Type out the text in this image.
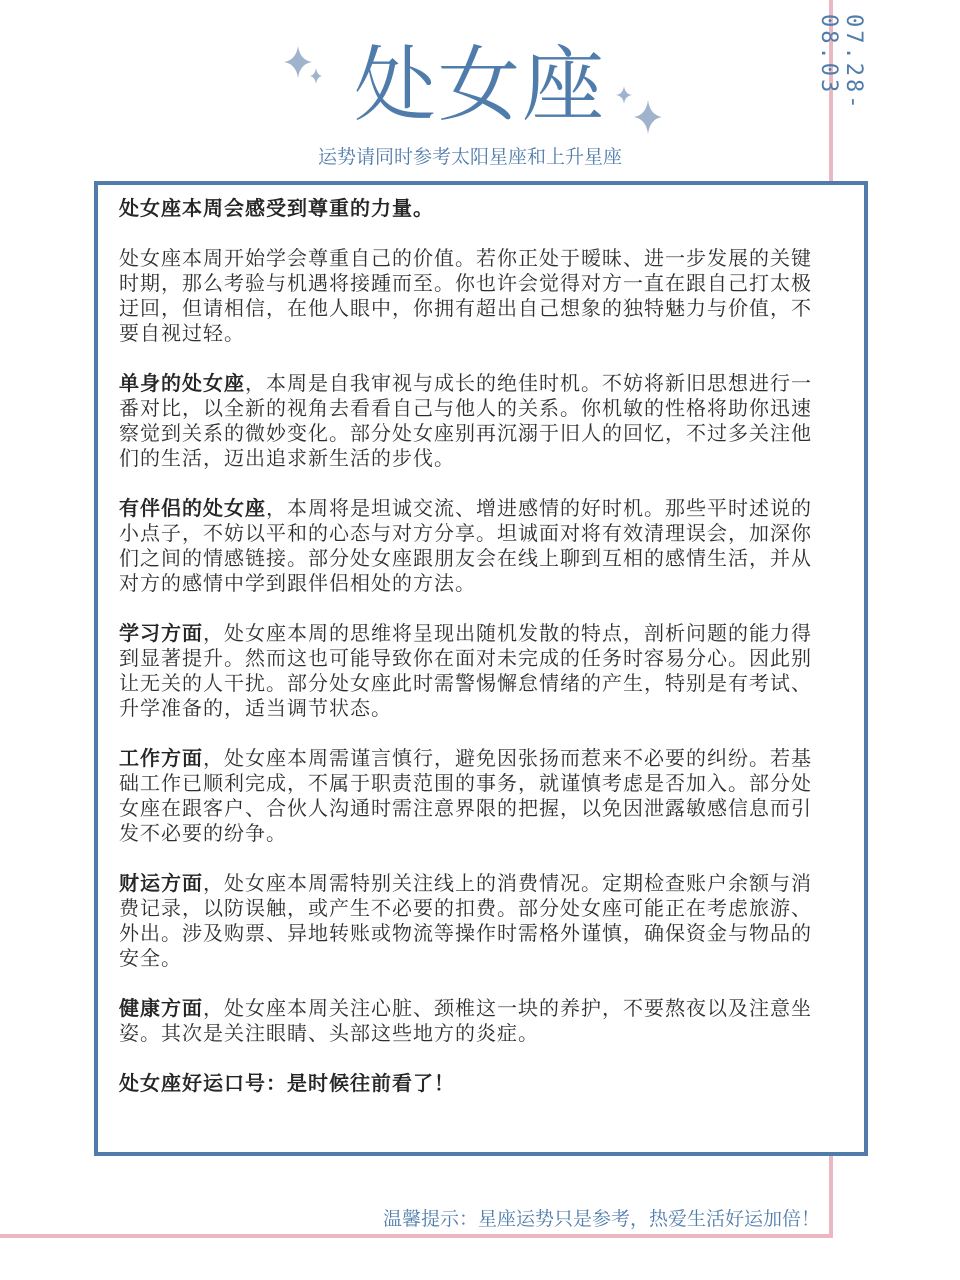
07.28-08.03
处女座
运势请同时参考太阳星座和上升星座

处女座本周会感受到尊重的力量。

处女座本周开始学会尊重自己的价值。若你正处于暧昧、进一步发展的关键时期，那么考验与机遇将接踵而至。你也许会觉得对方一直在跟自己打太极迂回，但请相信，在他人眼中，你拥有超出自己想象的独特魅力与价值，不要自视过轻。

单身的处女座，本周是自我审视与成长的绝佳时机。不妨将新旧思想进行一番对比，以全新的视角去看看自己与他人的关系。你机敏的性格将助你迅速察觉到关系的微妙变化。部分处女座别再沉溺于旧人的回忆，不过多关注他们的生活，迈出追求新生活的步伐。

有伴侣的处女座，本周将是坦诚交流、增进感情的好时机。那些平时述说的小点子，不妨以平和的心态与对方分享。坦诚面对将有效清理误会，加深你们之间的情感链接。部分处女座跟朋友会在线上聊到互相的感情生活，并从对方的感情中学到跟伴侣相处的方法。

学习方面，处女座本周的思维将呈现出随机发散的特点，剖析问题的能力得到显著提升。然而这也可能导致你在面对未完成的任务时容易分心。因此别让无关的人干扰。部分处女座此时需警惕懈怠情绪的产生，特别是有考试、升学准备的，适当调节状态。

工作方面，处女座本周需谨言慎行，避免因张扬而惹来不必要的纠纷。若基础工作已顺利完成，不属于职责范围的事务，就谨慎考虑是否加入。部分处女座在跟客户、合伙人沟通时需注意界限的把握，以免因泄露敏感信息而引发不必要的纷争。

财运方面，处女座本周需特别关注线上的消费情况。定期检查账户余额与消费记录，以防误触，或产生不必要的扣费。部分处女座可能正在考虑旅游、外出。涉及购票、异地转账或物流等操作时需格外谨慎，确保资金与物品的安全。

健康方面，处女座本周关注心脏、颈椎这一块的养护，不要熬夜以及注意坐姿。其次是关注眼睛、头部这些地方的炎症。

处女座好运口号：是时候往前看了！

温馨提示：星座运势只是参考，热爱生活好运加倍！
